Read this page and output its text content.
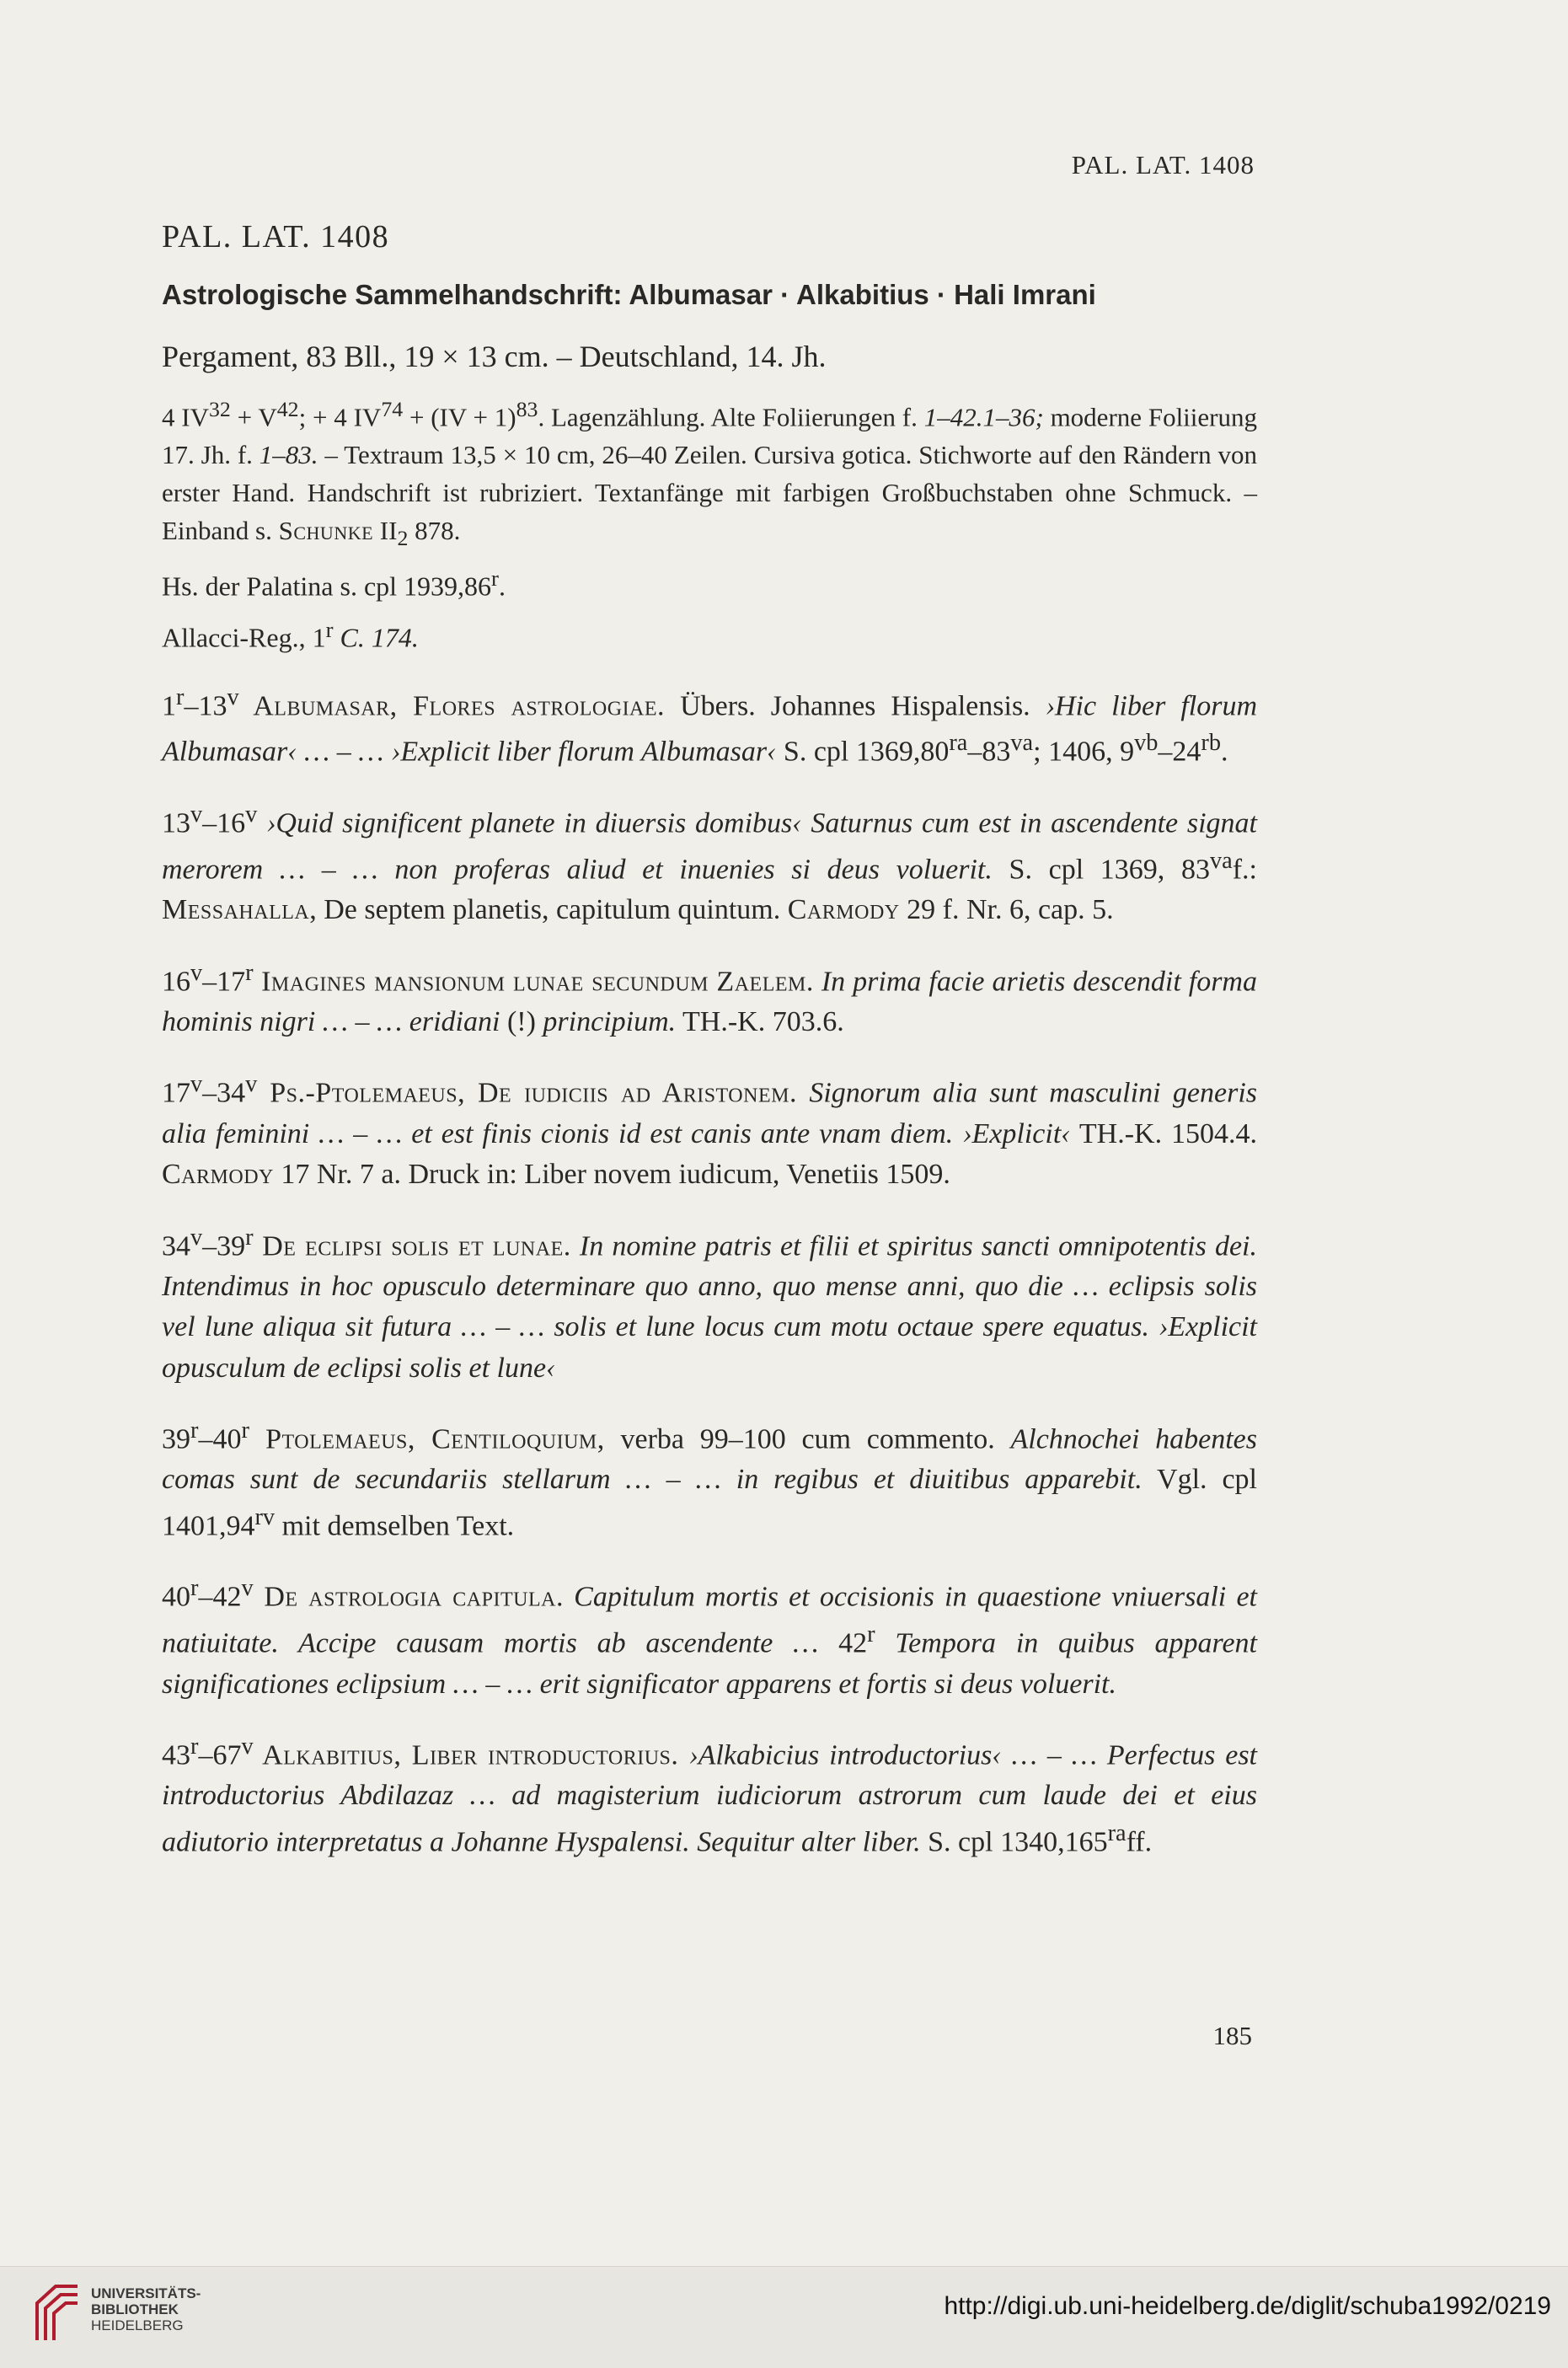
PAL. LAT. 1408
PAL. LAT. 1408
Astrologische Sammelhandschrift: Albumasar · Alkabitius · Hali Imrani
Pergament, 83 Bll., 19 × 13 cm. – Deutschland, 14. Jh.
4 $IV^{32} + V^{42}$; + 4 $IV^{74} + (IV + 1)^{83}$. Lagenzählung. Alte Foliierungen f. 1–42.1–36; moderne Foliierung 17. Jh. f. 1–83. – Textraum 13,5 × 10 cm, 26–40 Zeilen. Cursiva gotica. Stichworte auf den Rändern von erster Hand. Handschrift ist rubriziert. Textanfänge mit farbigen Großbuchstaben ohne Schmuck. – Einband s. Schunke $II_2$ 878.
Hs. der Palatina s. cpl 1939,86$^r$.
Allacci-Reg., 1$^r$ C. 174.
1$^r$–13$^v$ Albumasar, Flores astrologiae. Übers. Johannes Hispalensis. ›Hic liber florum Albumasar‹ … – … ›Explicit liber florum Albumasar‹ S. cpl $1369,80^{ra}-83^{va}$; 1406, $9^{vb}-24^{rb}$.
13$^v$–16$^v$ ›Quid significent planete in diuersis domibus‹ Saturnus cum est in ascendente signat merorem … – … non proferas aliud et inuenies si deus voluerit. S. cpl 1369, $83^{va}f$.: Messahalla, De septem planetis, capitulum quintum. Carmody 29 f. Nr. 6, cap. 5.
16$^v$–17$^r$ Imagines mansionum lunae secundum Zaelem. In prima facie arietis descendit forma hominis nigri … – … eridiani (!) principium. TH.-K. 703.6.
17$^v$–34$^v$ Ps.-Ptolemaeus, De iudiciis ad Aristonem. Signorum alia sunt masculini generis alia feminini … – … et est finis cionis id est canis ante vnam diem. ›Explicit‹ TH.-K. 1504.4. Carmody 17 Nr. 7 a. Druck in: Liber novem iudicum, Venetiis 1509.
34$^v$–39$^r$ De eclipsi solis et lunae. In nomine patris et filii et spiritus sancti omnipotentis dei. Intendimus in hoc opusculo determinare quo anno, quo mense anni, quo die … eclipsis solis vel lune aliqua sit futura … – … solis et lune locus cum motu octaue spere equatus. ›Explicit opusculum de eclipsi solis et lune‹
39$^r$–40$^r$ Ptolemaeus, Centiloquium, verba 99–100 cum commento. Alchnochei habentes comas sunt de secundariis stellarum … – … in regibus et diuitibus apparebit. Vgl. cpl $1401,94^{rv}$ mit demselben Text.
40$^r$–42$^v$ De astrologia capitula. Capitulum mortis et occisionis in quaestione vniuersali et natiuitate. Accipe causam mortis ab ascendente … 42$^r$ Tempora in quibus apparent significationes eclipsium … – … erit significator apparens et fortis si deus voluerit.
43$^r$–67$^v$ Alkabitius, Liber introductorius. ›Alkabicius introductorius‹ … – … Perfectus est introductorius Abdilazaz … ad magisterium iudiciorum astrorum cum laude dei et eius adiutorio interpretatus a Johanne Hyspalensi. Sequitur alter liber. S. cpl $1340,165^{ra}ff$.
185
UNIVERSITÄTS-
BIBLIOTHEK
HEIDELBERG
http://digi.ub.uni-heidelberg.de/diglit/schuba1992/0219
